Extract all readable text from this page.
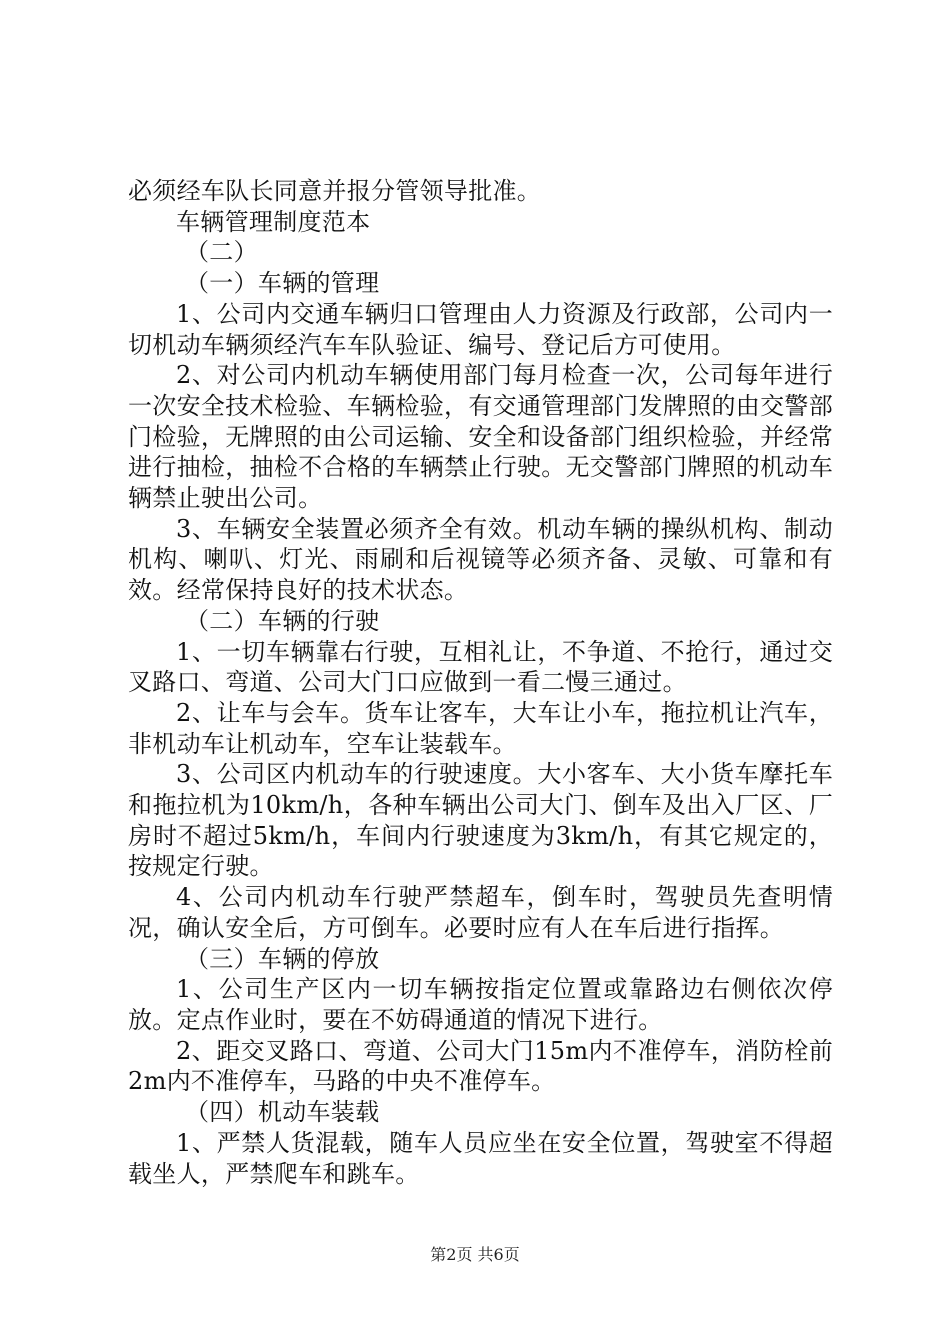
必须经车队长同意并报分管领导批准。

车辆管理制度范本

（二）

（一）车辆的管理

1、公司内交通车辆归口管理由人力资源及行政部，公司内一切机动车辆须经汽车车队验证、编号、登记后方可使用。

2、对公司内机动车辆使用部门每月检查一次，公司每年进行一次安全技术检验、车辆检验，有交通管理部门发牌照的由交警部门检验，无牌照的由公司运输、安全和设备部门组织检验，并经常进行抽检，抽检不合格的车辆禁止行驶。无交警部门牌照的机动车辆禁止驶出公司。

3、车辆安全装置必须齐全有效。机动车辆的操纵机构、制动机构、喇叭、灯光、雨刷和后视镜等必须齐备、灵敏、可靠和有效。经常保持良好的技术状态。

（二）车辆的行驶

1、一切车辆靠右行驶，互相礼让，不争道、不抢行，通过交叉路口、弯道、公司大门口应做到一看二慢三通过。

2、让车与会车。货车让客车，大车让小车，拖拉机让汽车，非机动车让机动车，空车让装载车。

3、公司区内机动车的行驶速度。大小客车、大小货车摩托车和拖拉机为10km/h，各种车辆出公司大门、倒车及出入厂区、厂房时不超过5km/h，车间内行驶速度为3km/h，有其它规定的，按规定行驶。

4、公司内机动车行驶严禁超车，倒车时，驾驶员先查明情况，确认安全后，方可倒车。必要时应有人在车后进行指挥。

（三）车辆的停放

1、公司生产区内一切车辆按指定位置或靠路边右侧依次停放。定点作业时，要在不妨碍通道的情况下进行。

2、距交叉路口、弯道、公司大门15m内不准停车，消防栓前2m内不准停车，马路的中央不准停车。

（四）机动车装载

1、严禁人货混载，随车人员应坐在安全位置，驾驶室不得超载坐人，严禁爬车和跳车。

第2页 共6页
